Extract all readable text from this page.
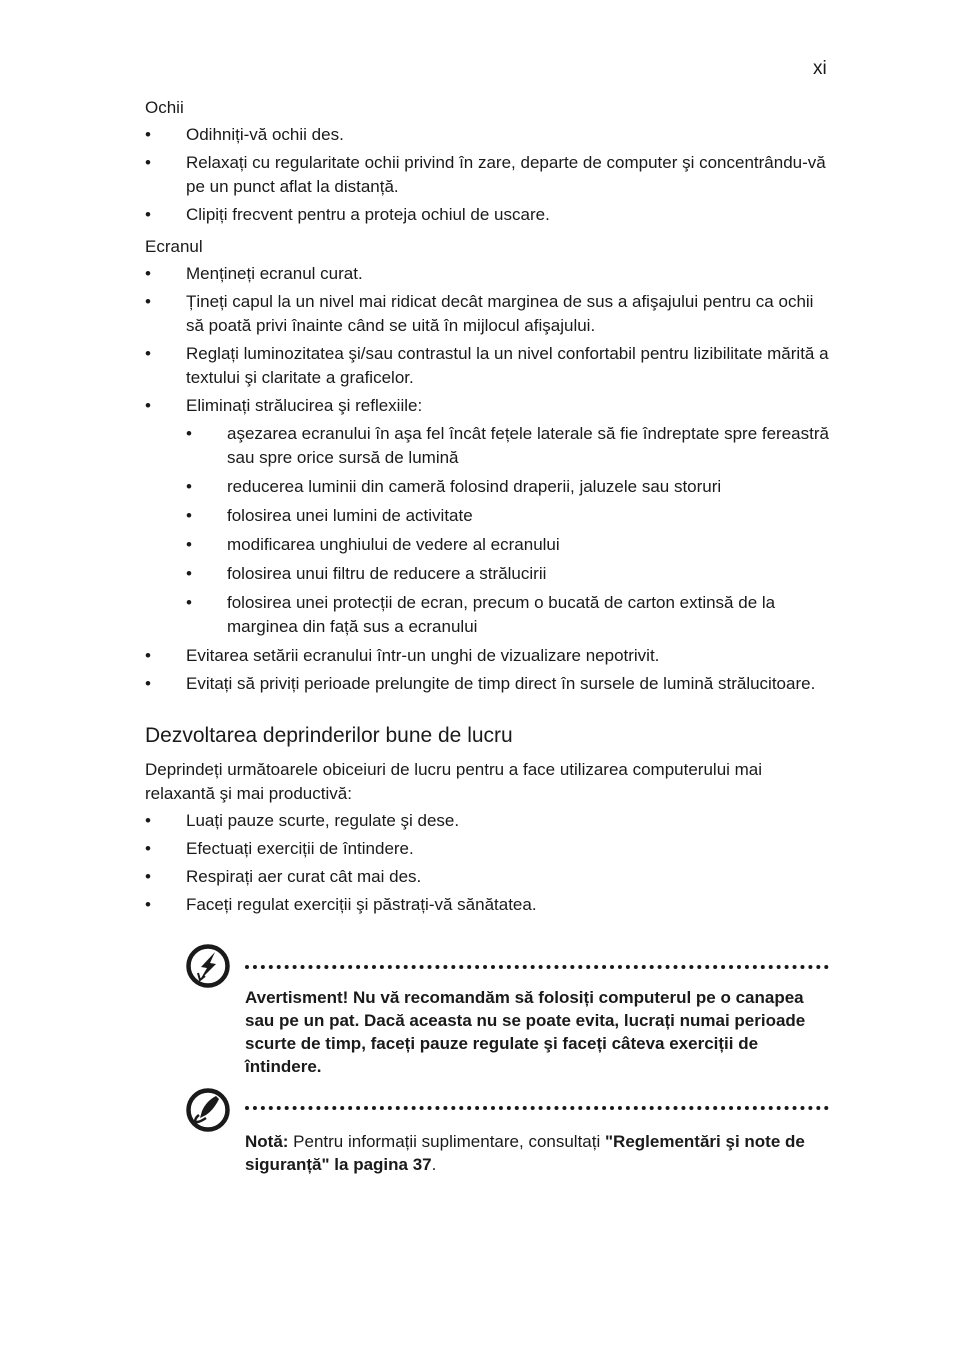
xi
Ochii
• Odihniți-vă ochii des.
• Relaxați cu regularitate ochii privind în zare, departe de computer şi concentrându-vă pe un punct aflat la distanță.
• Clipiți frecvent pentru a proteja ochiul de uscare.
Ecranul
• Mențineți ecranul curat.
• Țineți capul la un nivel mai ridicat decât marginea de sus a afişajului pentru ca ochii să poată privi înainte când se uită în mijlocul afişajului.
• Reglați luminozitatea şi/sau contrastul la un nivel confortabil pentru lizibilitate mărită a textului şi claritate a graficelor.
• Eliminați strălucirea şi reflexiile:
• aşezarea ecranului în aşa fel încât fețele laterale să fie îndreptate spre fereastră sau spre orice sursă de lumină
• reducerea luminii din cameră folosind draperii, jaluzele sau storuri
• folosirea unei lumini de activitate
• modificarea unghiului de vedere al ecranului
• folosirea unui filtru de reducere a strălucirii
• folosirea unei protecții de ecran, precum o bucată de carton extinsă de la marginea din față sus a ecranului
• Evitarea setării ecranului într-un unghi de vizualizare nepotrivit.
• Evitați să priviți perioade prelungite de timp direct în sursele de lumină strălucitoare.
Dezvoltarea deprinderilor bune de lucru

Deprindeți următoarele obiceiuri de lucru pentru a face utilizarea computerului mai relaxantă şi mai productivă:

• Luați pauze scurte, regulate şi dese.
• Efectuați exerciții de întindere.
• Respirați aer curat cât mai des.
• Faceți regulat exerciții şi păstrați-vă sănătatea.
Avertisment! Nu vă recomandăm să folosiți computerul pe o canapea sau pe un pat. Dacă aceasta nu se poate evita, lucrați numai perioade scurte de timp, faceți pauze regulate şi faceți câteva exerciții de întindere.
Notă: Pentru informații suplimentare, consultați "Reglementări şi note de siguranță" la pagina 37.
